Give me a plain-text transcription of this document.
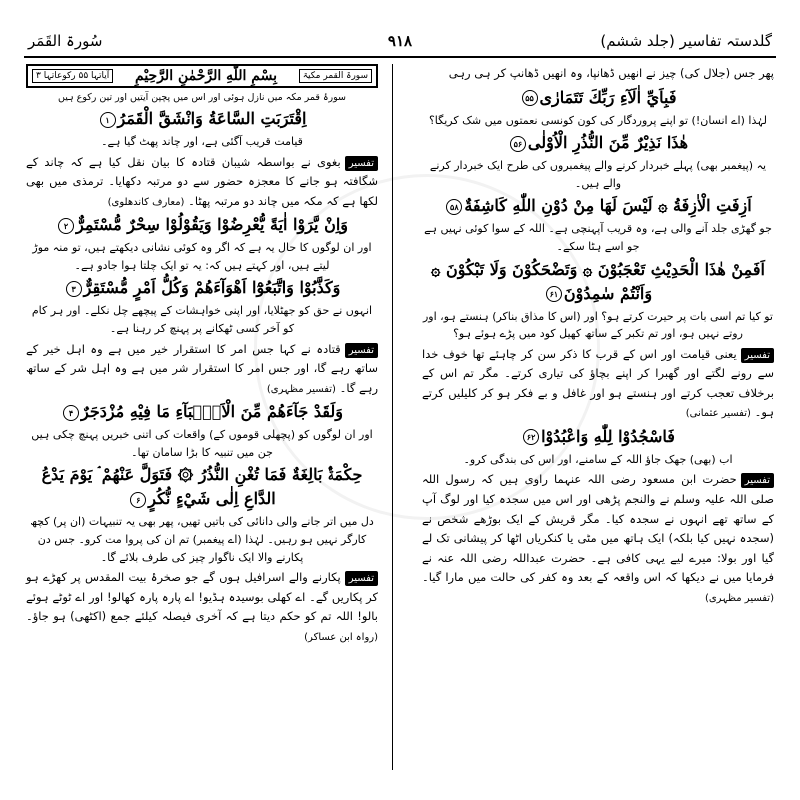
سُورۃ القَمَر	۹۱۸	گلدستہ تفاسیر (جلد ششم)
پھر جس (جلال کی) چیز نے انھیں ڈھانپا، وہ انھیں ڈھانپ کر ہی رہی
فَبِاَيِّ اٰلَآءِ رَبِّكَ تَتَمَارٰى۵۵
لہٰذا (اے انسان!) تو اپنے پروردگار کی کون کونسی نعمتوں میں شک کریگا؟
هٰذَا نَذِيْرٌ مِّنَ النُّذُرِ الْاُوْلٰى۵۶
یہ (پیغمبر بھی) پہلے خبردار کرنے والے پیغمبروں کی طرح ایک خبردار کرنے والے ہیں۔
اَزِفَتِ الْاٰزِفَةُ ۞ لَيْسَ لَهَا مِنْ دُوْنِ اللّٰهِ كَاشِفَةٌ۵۸
جو گھڑی جلد آنے والی ہے، وہ قریب آپہنچی ہے۔ اللہ کے سوا کوئی نہیں ہے جو اسے ہٹا سکے۔
اَفَمِنْ هٰذَا الْحَدِيْثِ تَعْجَبُوْنَ ۞ وَتَضْحَكُوْنَ وَلَا تَبْكُوْنَ ۞ وَاَنْتُمْ سٰمِدُوْنَ۶۱
تو کیا تم اسی بات پر حیرت کرتے ہو؟ اور (اس کا مذاق بناکر) ہنستے ہو، اور روتے نہیں ہو، اور تم تکبر کے ساتھ کھیل کود میں پڑے ہوئے ہو؟
تفسیریعنی قیامت اور اس کے قرب کا ذکر سن کر چاہئے تھا خوف خدا سے رونے لگتے اور گھبرا کر اپنے بچاؤ کی تیاری کرتے۔ مگر تم اس کے برخلاف تعجب کرتے اور ہنستے ہو اور غافل و بے فکر ہو کر کلیلیں کرتے ہو۔ (تفسیر عثمانی)
فَاسْجُدُوْا لِلّٰهِ وَاعْبُدُوْا۶۲
اب (بھی) جھک جاؤ اللہ کے سامنے، اور اس کی بندگی کرو۔
تفسیرحضرت ابن مسعود رضی اللہ عنہما راوی ہیں کہ رسول اللہ صلی اللہ علیہ وسلم نے والنجم پڑھی اور اس میں سجدہ کیا اور لوگ آپ کے ساتھ تھے انہوں نے سجدہ کیا۔ مگر قریش کے ایک بوڑھے شخص نے (سجدہ نہیں کیا بلکہ) ایک ہاتھ میں مٹی یا کنکریاں اٹھا کر پیشانی تک لے گیا اور بولا: میرے لیے یہی کافی ہے۔ حضرت عبداللہ رضی اللہ عنہ نے فرمایا میں نے دیکھا کہ اس واقعہ کے بعد وہ کفر کی حالت میں مارا گیا۔ (تفسیر مظہری)
سورۃ القمر مکیۃ
بِسْمِ اللّٰهِ الرَّحْمٰنِ الرَّحِيْمِ
آیاتہا ۵۵ رکوعاتہا ۳
سورۂ قمر مکہ میں نازل ہوئی اور اس میں پچپن آیتیں اور تین رکوع ہیں
اِقْتَرَبَتِ السَّاعَةُ وَانْشَقَّ الْقَمَرُ۱
قیامت قریب آگئی ہے، اور چاند پھٹ گیا ہے۔
تفسیربغوی نے بواسطہ شیبان قتادہ کا بیان نقل کیا ہے کہ چاند کے شگافتہ ہو جانے کا معجزہ حضور سے دو مرتبہ دکھایا۔ ترمذی میں بھی لکھا ہے کہ مکہ میں چاند دو مرتبہ پھٹا۔ (معارف کاندھلوی)
وَاِنْ يَّرَوْا اٰيَةً يُّعْرِضُوْا وَيَقُوْلُوْا سِحْرٌ مُّسْتَمِرٌّ۲
اور ان لوگوں کا حال یہ ہے کہ اگر وہ کوئی نشانی دیکھتے ہیں، تو منہ موڑ لیتے ہیں، اور کہتے ہیں کہ: یہ تو ایک چلتا ہوا جادو ہے۔
وَكَذَّبُوْا وَاتَّبَعُوْٓا اَهْوَآءَهُمْ وَكُلُّ اَمْرٍ مُّسْتَقِرٌّ۳
انہوں نے حق کو جھٹلایا، اور اپنی خواہشات کے پیچھے چل نکلے۔ اور ہر کام کو آخر کسی ٹھکانے پر پہنچ کر رہنا ہے۔
تفسیرقتادہ نے کہا جس امر کا استقرار خیر میں ہے وہ اہل خیر کے ساتھ رہے گا، اور جس امر کا استقرار شر میں ہے وہ اہل شر کے ساتھ رہے گا۔ (تفسیر مظہری)
وَلَقَدْ جَآءَهُمْ مِّنَ الْاَنْۢبَآءِ مَا فِيْهِ مُزْدَجَرٌ۴
اور ان لوگوں کو (پچھلی قوموں کے) واقعات کی اتنی خبریں پہنچ چکی ہیں جن میں تنبیہ کا بڑا سامان تھا۔
حِكْمَةٌۢ بَالِغَةٌ فَمَا تُغْنِ النُّذُرُ ۞ فَتَوَلَّ عَنْهُمْ ۘ يَوْمَ يَدْعُ الدَّاعِ اِلٰى شَيْءٍ نُّكُرٍ۶
دل میں اتر جانے والی دانائی کی باتیں تھیں، پھر بھی یہ تنبیہات (ان پر) کچھ کارگر نہیں ہو رہیں۔ لہٰذا (اے پیغمبر) تم ان کی پروا مت کرو۔ جس دن پکارنے والا ایک ناگوار چیز کی طرف بلائے گا۔
تفسیرپکارنے والے اسرافیل ہوں گے جو صخرۂ بیت المقدس پر کھڑے ہو کر پکاریں گے۔ اے کھلی بوسیدہ ہڈیو! اے پارہ پارہ کھالو! اور اے ٹوٹے ہوئے بالو! اللہ تم کو حکم دیتا ہے کہ آخری فیصلہ کیلئے جمع (اکٹھی) ہو جاؤ۔ (رواہ ابن عساکر)
